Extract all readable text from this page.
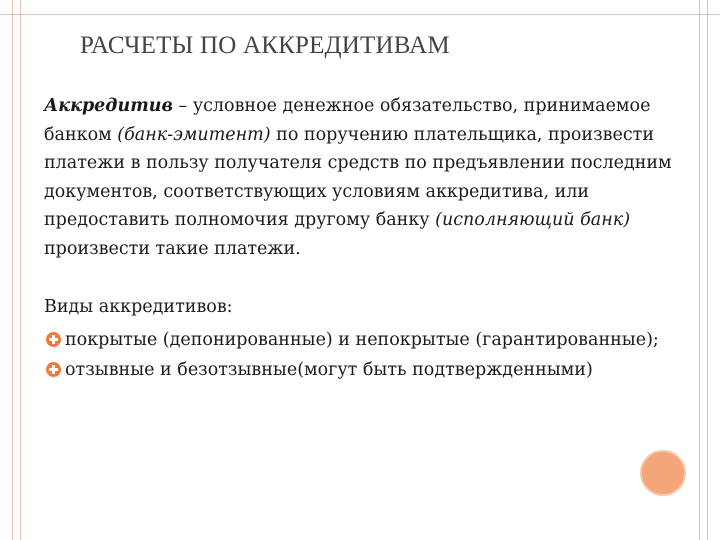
РАСЧЕТЫ ПО АККРЕДИТИВАМ

Аккредитив – условное денежное обязательство, принимаемое банком (банк-эмитент) по поручению плательщика, произвести платежи в пользу получателя средств по предъявлении последним документов, соответствующих условиям аккредитива, или предоставить полномочия другому банку (исполняющий банк) произвести такие платежи.

Виды аккредитивов:
покрытые (депонированные) и непокрытые (гарантированные);
отзывные и безотзывные(могут быть подтвержденными)
